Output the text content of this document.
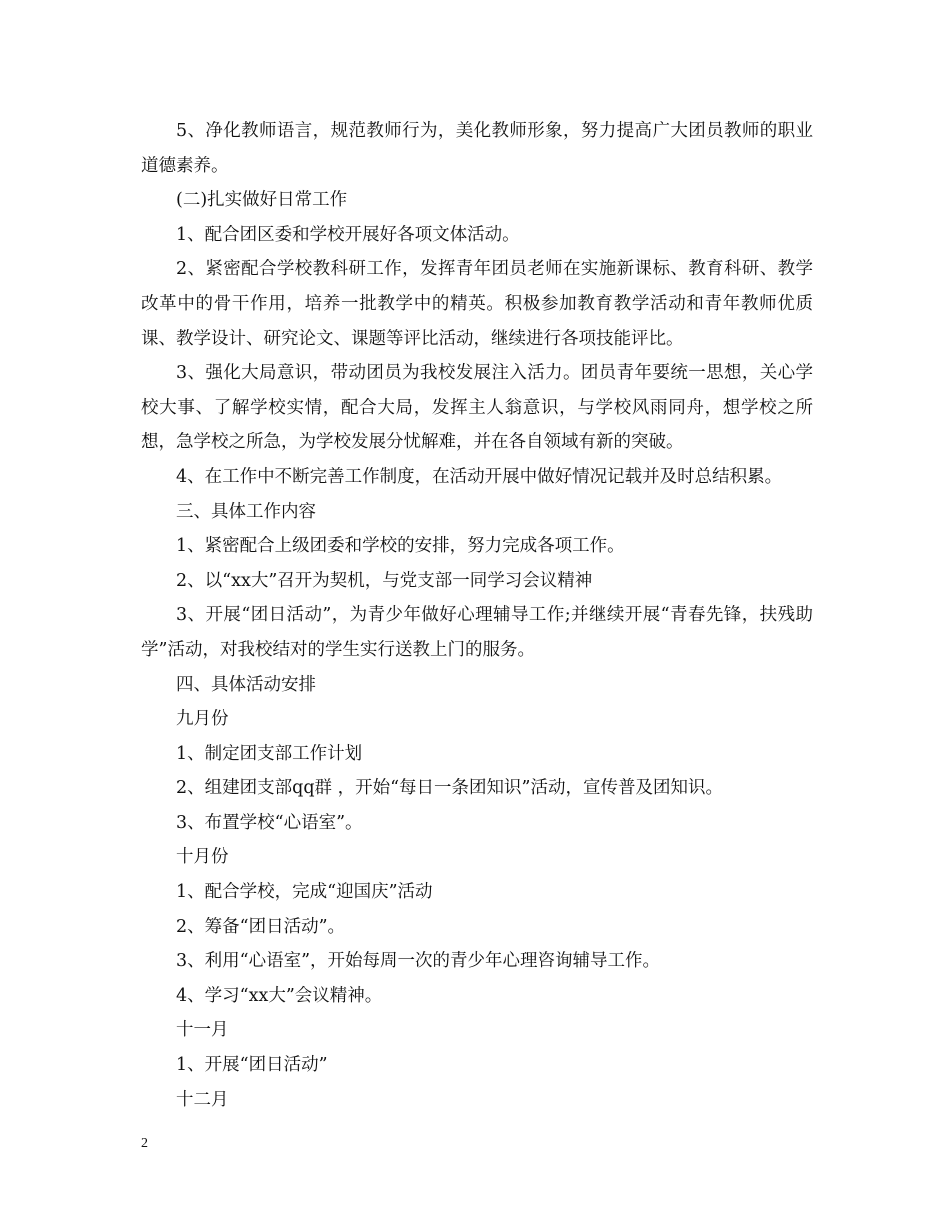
5、净化教师语言，规范教师行为，美化教师形象，努力提高广大团员教师的职业道德素养。

(二)扎实做好日常工作

1、配合团区委和学校开展好各项文体活动。

2、紧密配合学校教科研工作，发挥青年团员老师在实施新课标、教育科研、教学改革中的骨干作用，培养一批教学中的精英。积极参加教育教学活动和青年教师优质课、教学设计、研究论文、课题等评比活动，继续进行各项技能评比。

3、强化大局意识，带动团员为我校发展注入活力。团员青年要统一思想，关心学校大事、了解学校实情，配合大局，发挥主人翁意识，与学校风雨同舟，想学校之所想，急学校之所急，为学校发展分忧解难，并在各自领域有新的突破。

4、在工作中不断完善工作制度，在活动开展中做好情况记载并及时总结积累。

三、具体工作内容

1、紧密配合上级团委和学校的安排，努力完成各项工作。

2、以“xx大”召开为契机，与党支部一同学习会议精神

3、开展“团日活动”，为青少年做好心理辅导工作;并继续开展“青春先锋，扶残助学”活动，对我校结对的学生实行送教上门的服务。

四、具体活动安排

九月份

1、制定团支部工作计划

2、组建团支部qq群 ，开始“每日一条团知识”活动，宣传普及团知识。

3、布置学校“心语室”。

十月份

1、配合学校，完成“迎国庆”活动

2、筹备“团日活动”。

3、利用“心语室”，开始每周一次的青少年心理咨询辅导工作。

4、学习“xx大”会议精神。

十一月

1、开展“团日活动”

十二月

2
